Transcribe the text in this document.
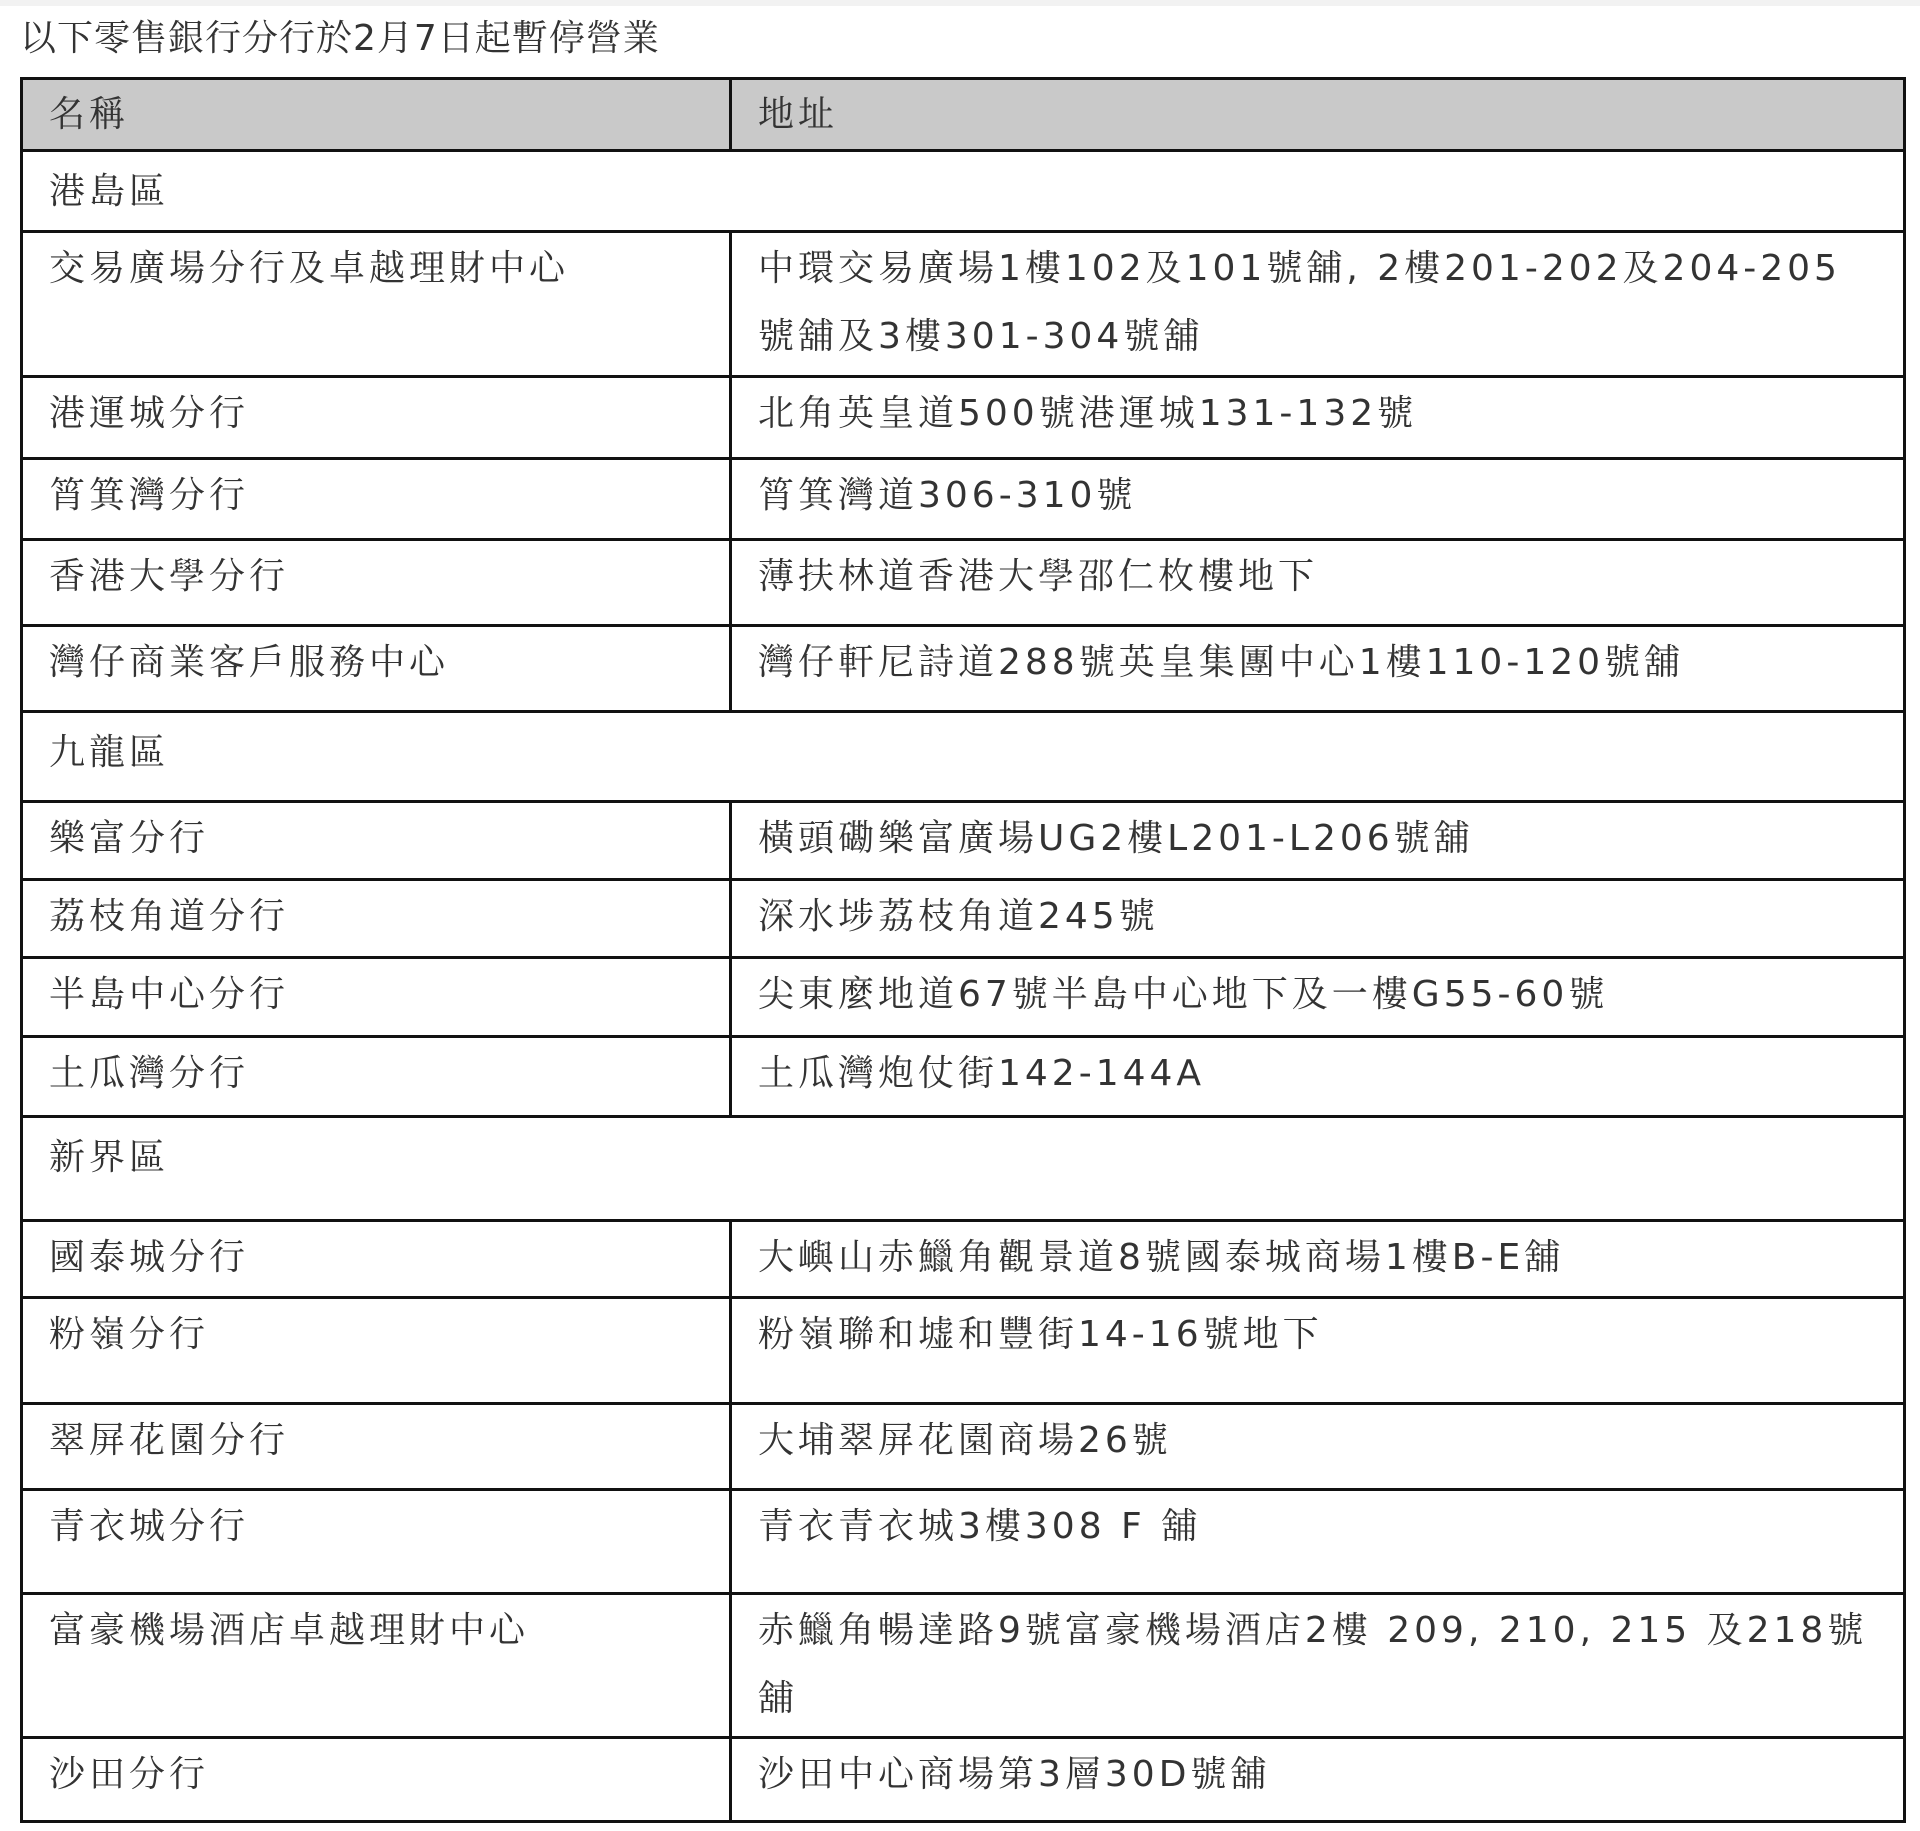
以下零售銀行分行於2月7日起暫停營業
名稱	地址
港島區	
交易廣場分行及卓越理財中心	中環交易廣場1樓102及101號舖, 2樓201-202及204-205號舖及3樓301-304號舖
港運城分行	北角英皇道500號港運城131-132號
筲箕灣分行	筲箕灣道306-310號
香港大學分行	薄扶林道香港大學邵仁枚樓地下
灣仔商業客戶服務中心	灣仔軒尼詩道288號英皇集團中心1樓110-120號舖
九龍區	
樂富分行	橫頭磡樂富廣場UG2樓L201-L206號舖
荔枝角道分行	深水埗荔枝角道245號
半島中心分行	尖東麼地道67號半島中心地下及一樓G55-60號
土瓜灣分行	土瓜灣炮仗街142-144A
新界區	
國泰城分行	大嶼山赤鱲角觀景道8號國泰城商場1樓B-E舖
粉嶺分行	粉嶺聯和墟和豐街14-16號地下
翠屏花園分行	大埔翠屏花園商場26號
青衣城分行	青衣青衣城3樓308 F 舖
富豪機場酒店卓越理財中心	赤鱲角暢達路9號富豪機場酒店2樓 209, 210, 215 及218號舖
沙田分行	沙田中心商場第3層30D號舖
